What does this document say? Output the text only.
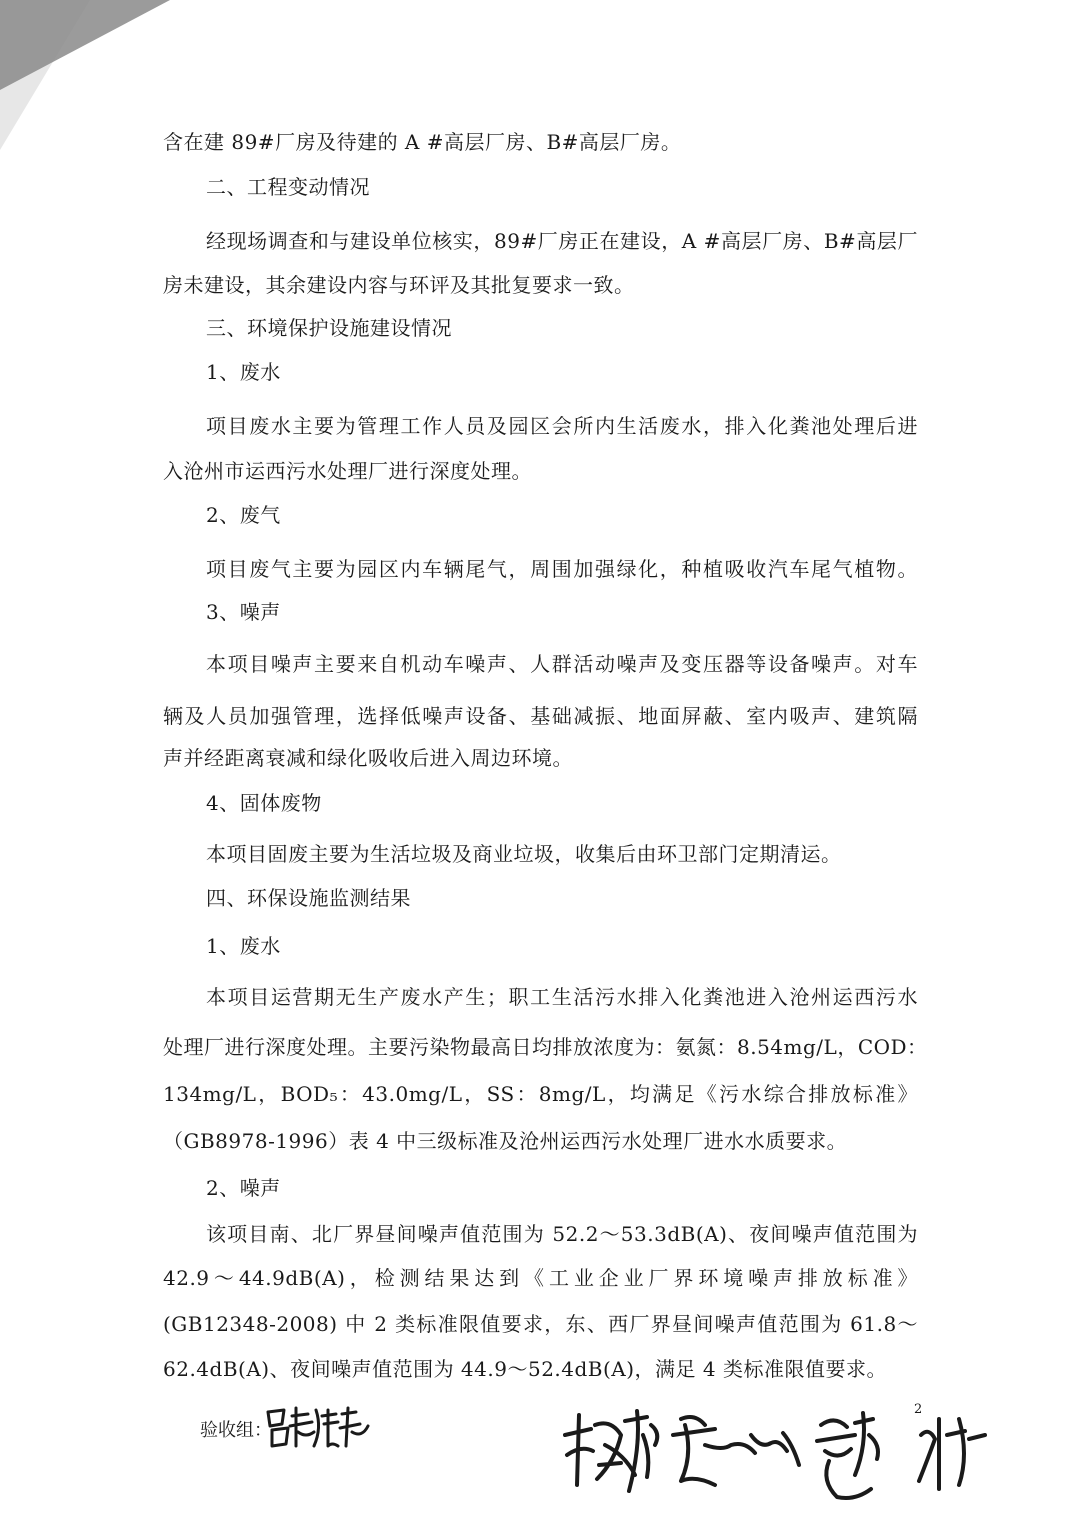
含在建 89#厂房及待建的 A #高层厂房、B#高层厂房。
二、工程变动情况
经现场调查和与建设单位核实，89#厂房正在建设，A #高层厂房、B#高层厂
房未建设，其余建设内容与环评及其批复要求一致。
三、环境保护设施建设情况
1、废水
项目废水主要为管理工作人员及园区会所内生活废水，排入化粪池处理后进
入沧州市运西污水处理厂进行深度处理。
2、废气
项目废气主要为园区内车辆尾气，周围加强绿化，种植吸收汽车尾气植物。
3、噪声
本项目噪声主要来自机动车噪声、人群活动噪声及变压器等设备噪声。对车
辆及人员加强管理，选择低噪声设备、基础减振、地面屏蔽、室内吸声、建筑隔
声并经距离衰减和绿化吸收后进入周边环境。
4、固体废物
本项目固废主要为生活垃圾及商业垃圾，收集后由环卫部门定期清运。
四、环保设施监测结果
1、废水
本项目运营期无生产废水产生；职工生活污水排入化粪池进入沧州运西污水
处理厂进行深度处理。主要污染物最高日均排放浓度为：氨氮：8.54mg/L，COD：
134mg/L，BOD₅：43.0mg/L，SS：8mg/L，均满足《污水综合排放标准》
（GB8978-1996）表 4 中三级标准及沧州运西污水处理厂进水水质要求。
2、噪声
该项目南、北厂界昼间噪声值范围为 52.2～53.3dB(A)、夜间噪声值范围为
42.9～44.9dB(A)，检测结果达到《工业企业厂界环境噪声排放标准》
(GB12348-2008) 中 2 类标准限值要求，东、西厂界昼间噪声值范围为 61.8～
62.4dB(A)、夜间噪声值范围为 44.9～52.4dB(A)，满足 4 类标准限值要求。
2
验收组：
